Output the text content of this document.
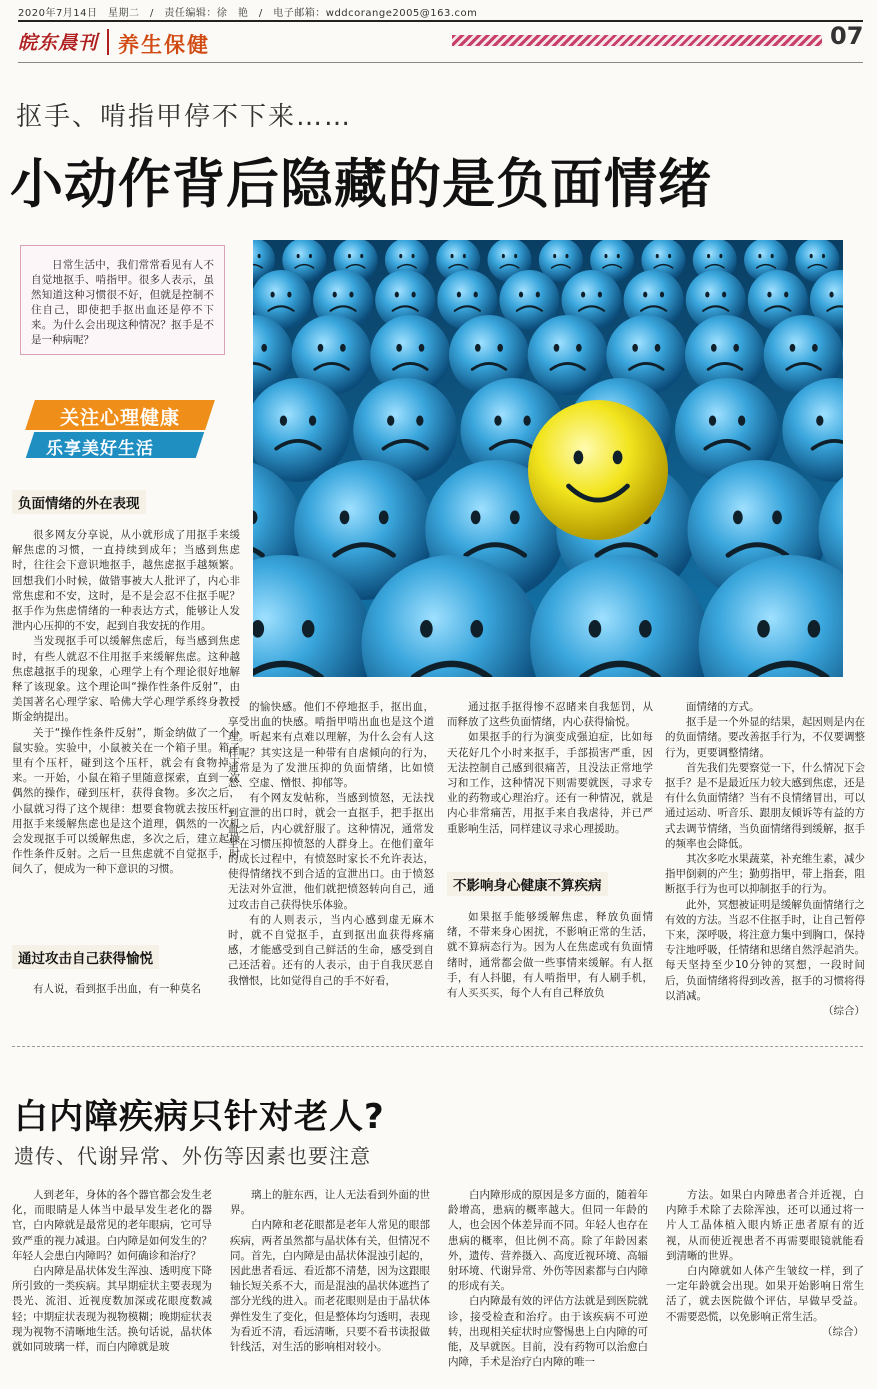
2020年7月14日　星期二　/　责任编辑：徐　艳　/　电子邮箱：wddcorange2005@163.com
皖东晨刊 养生保健	07
抠手、啃指甲停不下来……
小动作背后隐藏的是负面情绪
日常生活中，我们常常看见有人不自觉地抠手、啃指甲。很多人表示，虽然知道这种习惯很不好，但就是控制不住自己，即使把手抠出血还是停不下来。为什么会出现这种情况？抠手是不是一种病呢？
关注心理健康
乐享美好生活
负面情绪的外在表现

很多网友分享说，从小就形成了用抠手来缓解焦虑的习惯，一直持续到成年；当感到焦虑时，往往会下意识地抠手，越焦虑抠手越频繁。回想我们小时候，做错事被大人批评了，内心非常焦虑和不安，这时，是不是会忍不住抠手呢？抠手作为焦虑情绪的一种表达方式，能够让人发泄内心压抑的不安，起到自我安抚的作用。

当发现抠手可以缓解焦虑后，每当感到焦虑时，有些人就忍不住用抠手来缓解焦虑。这种越焦虑越抠手的现象，心理学上有个理论很好地解释了该现象。这个理论叫“操作性条件反射”，由美国著名心理学家、哈佛大学心理学系终身教授斯金纳提出。

关于“操作性条件反射”，斯金纳做了一个小鼠实验。实验中，小鼠被关在一个箱子里。箱子里有个压杆，碰到这个压杆，就会有食物掉下来。一开始，小鼠在箱子里随意探索，直到一次偶然的操作，碰到压杆，获得食物。多次之后，小鼠就习得了这个规律：想要食物就去按压杆。用抠手来缓解焦虑也是这个道理，偶然的一次机会发现抠手可以缓解焦虑，多次之后，建立起操作性条件反射。之后一旦焦虑就不自觉抠手，时间久了，便成为一种下意识的习惯。

通过攻击自己获得愉悦

有人说，看到抠手出血，有一种莫名

的愉快感。他们不停地抠手，抠出血，享受出血的快感。啃指甲啃出血也是这个道理。听起来有点难以理解，为什么会有人这样呢？其实这是一种带有自虐倾向的行为，通常是为了发泄压抑的负面情绪，比如愤怒、空虚、憎恨、抑郁等。

有个网友发帖称，当感到愤怒，无法找到宣泄的出口时，就会一直抠手，把手抠出血之后，内心就舒服了。这种情况，通常发生在习惯压抑愤怒的人群身上。在他们童年的成长过程中，有愤怒时家长不允许表达，使得情绪找不到合适的宣泄出口。由于愤怒无法对外宣泄，他们就把愤怒转向自己，通过攻击自己获得快乐体验。

有的人则表示，当内心感到虚无麻木时，就不自觉抠手，直到抠出血获得疼痛感，才能感受到自己鲜活的生命，感受到自己还活着。还有的人表示，由于自我厌恶自我憎恨，比如觉得自己的手不好看，

通过抠手抠得惨不忍睹来自我惩罚，从而释放了这些负面情绪，内心获得愉悦。

如果抠手的行为演变成强迫症，比如每天花好几个小时来抠手，手部损害严重，因无法控制自己感到很痛苦，且没法正常地学习和工作，这种情况下则需要就医，寻求专业的药物或心理治疗。还有一种情况，就是内心非常痛苦，用抠手来自我虐待，并已严重影响生活，同样建议寻求心理援助。

不影响身心健康不算疾病

如果抠手能够缓解焦虑，释放负面情绪，不带来身心困扰，不影响正常的生活，就不算病态行为。因为人在焦虑或有负面情绪时，通常都会做一些事情来缓解。有人抠手，有人抖腿，有人啃指甲，有人刷手机，有人买买买，每个人有自己释放负

面情绪的方式。

抠手是一个外显的结果，起因则是内在的负面情绪。要改善抠手行为，不仅要调整行为，更要调整情绪。

首先我们先要察觉一下，什么情况下会抠手？是不是最近压力较大感到焦虑，还是有什么负面情绪？当有不良情绪冒出，可以通过运动、听音乐、跟朋友倾诉等有益的方式去调节情绪，当负面情绪得到缓解，抠手的频率也会降低。

其次多吃水果蔬菜，补充维生素，减少指甲倒刺的产生；勤剪指甲，带上指套，阻断抠手行为也可以抑制抠手的行为。

此外，冥想被证明是缓解负面情绪行之有效的方法。当忍不住抠手时，让自己暂停下来，深呼吸，将注意力集中到胸口，保持专注地呼吸，任情绪和思绪自然浮起消失。每天坚持至少10分钟的冥想，一段时间后，负面情绪将得到改善，抠手的习惯将得以消减。

（综合）

白内障疾病只针对老人?
遗传、代谢异常、外伤等因素也要注意

人到老年，身体的各个器官都会发生老化，而眼睛是人体当中最早发生老化的器官，白内障就是最常见的老年眼病，它可导致严重的视力减退。白内障是如何发生的？年轻人会患白内障吗？如何确诊和治疗？

白内障是晶状体发生浑浊、透明度下降所引致的一类疾病。其早期症状主要表现为畏光、流泪、近视度数加深或花眼度数减轻；中期症状表现为视物模糊；晚期症状表现为视物不清晰地生活。换句话说，晶状体就如同玻璃一样，而白内障就是玻

璃上的脏东西，让人无法看到外面的世界。

白内障和老花眼都是老年人常见的眼部疾病，两者虽然都与晶状体有关，但情况不同。首先，白内障是由晶状体混浊引起的，因此患者看远、看近都不清楚，因为这跟眼轴长短关系不大，而是混浊的晶状体遮挡了部分光线的进入。而老花眼则是由于晶状体弹性发生了变化，但是整体均匀透明，表现为看近不清，看远清晰，只要不看书读报做针线活，对生活的影响相对较小。

白内障形成的原因是多方面的，随着年龄增高，患病的概率越大。但同一年龄的人，也会因个体差异而不同。年轻人也存在患病的概率，但比例不高。除了年龄因素外，遗传、营养摄入、高度近视环境、高辐射环境、代谢异常、外伤等因素都与白内障的形成有关。

白内障最有效的评估方法就是到医院就诊，接受检查和治疗。由于该疾病不可逆转，出现相关症状时应警惕患上白内障的可能，及早就医。目前，没有药物可以治愈白内障，手术是治疗白内障的唯一

方法。如果白内障患者合并近视，白内障手术除了去除浑浊，还可以通过将一片人工晶体植入眼内矫正患者原有的近视，从而使近视患者不再需要眼镜就能看到清晰的世界。

白内障就如人体产生皱纹一样，到了一定年龄就会出现。如果开始影响日常生活了，就去医院做个评估，早做早受益。不需要恐慌，以免影响正常生活。

（综合）
